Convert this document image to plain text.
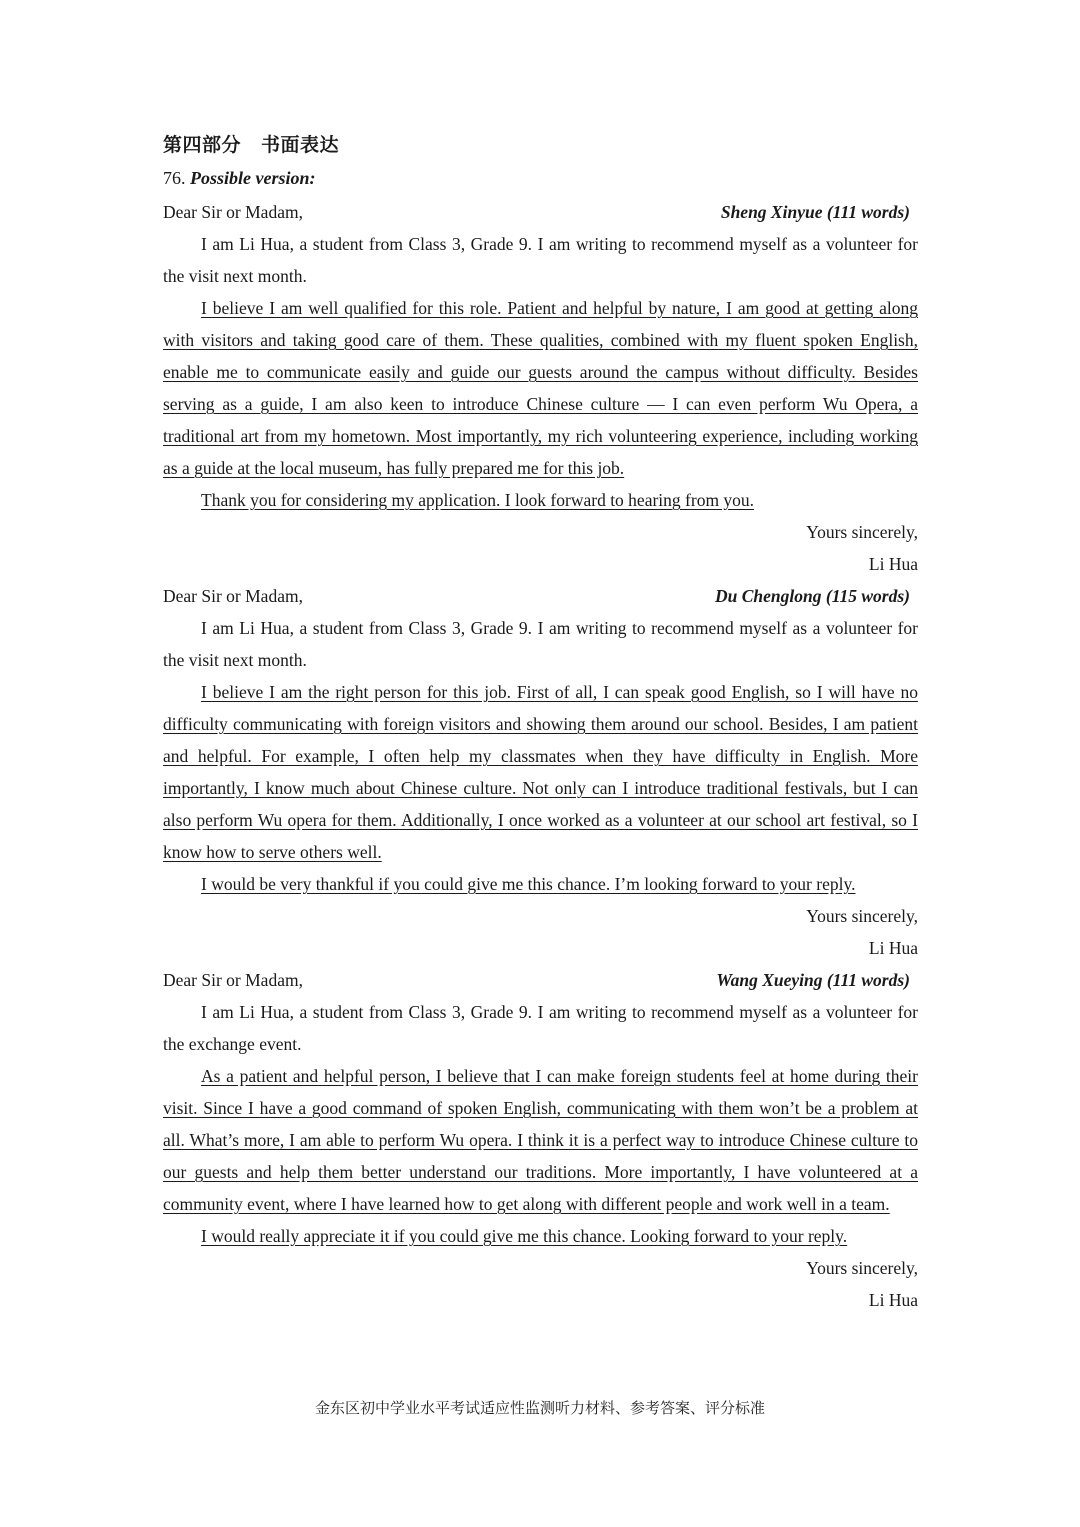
第四部分 书面表达
76. Possible version:
Dear Sir or Madam,	Sheng Xinyue (111 words)

I am Li Hua, a student from Class 3, Grade 9. I am writing to recommend myself as a volunteer for the visit next month.

I believe I am well qualified for this role. Patient and helpful by nature, I am good at getting along with visitors and taking good care of them. These qualities, combined with my fluent spoken English, enable me to communicate easily and guide our guests around the campus without difficulty. Besides serving as a guide, I am also keen to introduce Chinese culture — I can even perform Wu Opera, a traditional art from my hometown. Most importantly, my rich volunteering experience, including working as a guide at the local museum, has fully prepared me for this job.

Thank you for considering my application. I look forward to hearing from you.

Yours sincerely,
Li Hua
Dear Sir or Madam,	Du Chenglong (115 words)

I am Li Hua, a student from Class 3, Grade 9. I am writing to recommend myself as a volunteer for the visit next month.

I believe I am the right person for this job. First of all, I can speak good English, so I will have no difficulty communicating with foreign visitors and showing them around our school. Besides, I am patient and helpful. For example, I often help my classmates when they have difficulty in English. More importantly, I know much about Chinese culture. Not only can I introduce traditional festivals, but I can also perform Wu opera for them. Additionally, I once worked as a volunteer at our school art festival, so I know how to serve others well.

I would be very thankful if you could give me this chance. I’m looking forward to your reply.

Yours sincerely,
Li Hua
Dear Sir or Madam,	Wang Xueying (111 words)

I am Li Hua, a student from Class 3, Grade 9. I am writing to recommend myself as a volunteer for the exchange event.

As a patient and helpful person, I believe that I can make foreign students feel at home during their visit. Since I have a good command of spoken English, communicating with them won’t be a problem at all. What’s more, I am able to perform Wu opera. I think it is a perfect way to introduce Chinese culture to our guests and help them better understand our traditions. More importantly, I have volunteered at a community event, where I have learned how to get along with different people and work well in a team.

I would really appreciate it if you could give me this chance. Looking forward to your reply.

Yours sincerely,
Li Hua
金东区初中学业水平考试适应性监测听力材料、参考答案、评分标准
